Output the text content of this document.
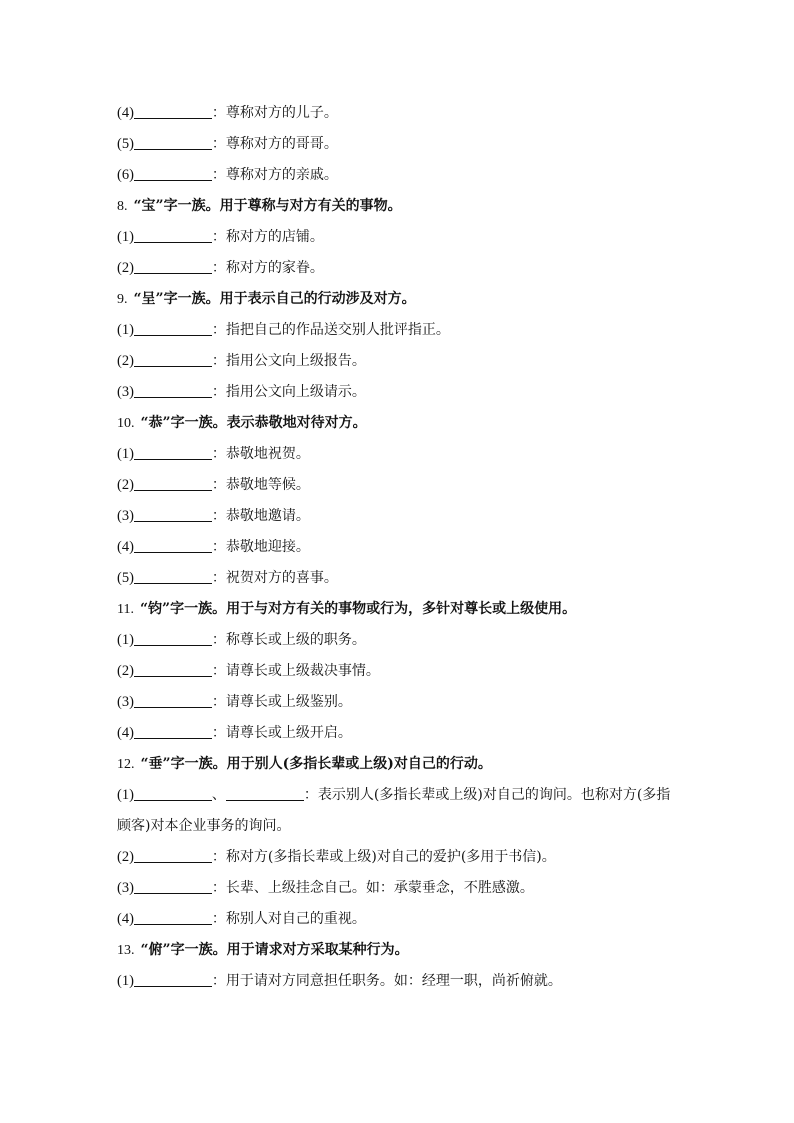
(4)	：尊称对方的儿子。
(5)	：尊称对方的哥哥。
(6)	：尊称对方的亲戚。
8. “宝”字一族。用于尊称与对方有关的事物。
(1)	：称对方的店铺。
(2)	：称对方的家眷。
9. “呈”字一族。用于表示自己的行动涉及对方。
(1)	：指把自己的作品送交别人批评指正。
(2)	：指用公文向上级报告。
(3)	：指用公文向上级请示。
10. “恭”字一族。表示恭敬地对待对方。
(1)	：恭敬地祝贺。
(2)	：恭敬地等候。
(3)	：恭敬地邀请。
(4)	：恭敬地迎接。
(5)	：祝贺对方的喜事。
11. “钧”字一族。用于与对方有关的事物或行为，多针对尊长或上级使用。
(1)	：称尊长或上级的职务。
(2)	：请尊长或上级裁决事情。
(3)	：请尊长或上级鉴别。
(4)	：请尊长或上级开启。
12. “垂”字一族。用于别人(多指长辈或上级)对自己的行动。
(1)	、	：表示别人(多指长辈或上级)对自己的询问。也称对方(多指顾客)对本企业事务的询问。
(2)	：称对方(多指长辈或上级)对自己的爱护(多用于书信)。
(3)	：长辈、上级挂念自己。如：承蒙垂念，不胜感激。
(4)	：称别人对自己的重视。
13. “俯”字一族。用于请求对方采取某种行为。
(1)	：用于请对方同意担任职务。如：经理一职，尚祈俯就。
